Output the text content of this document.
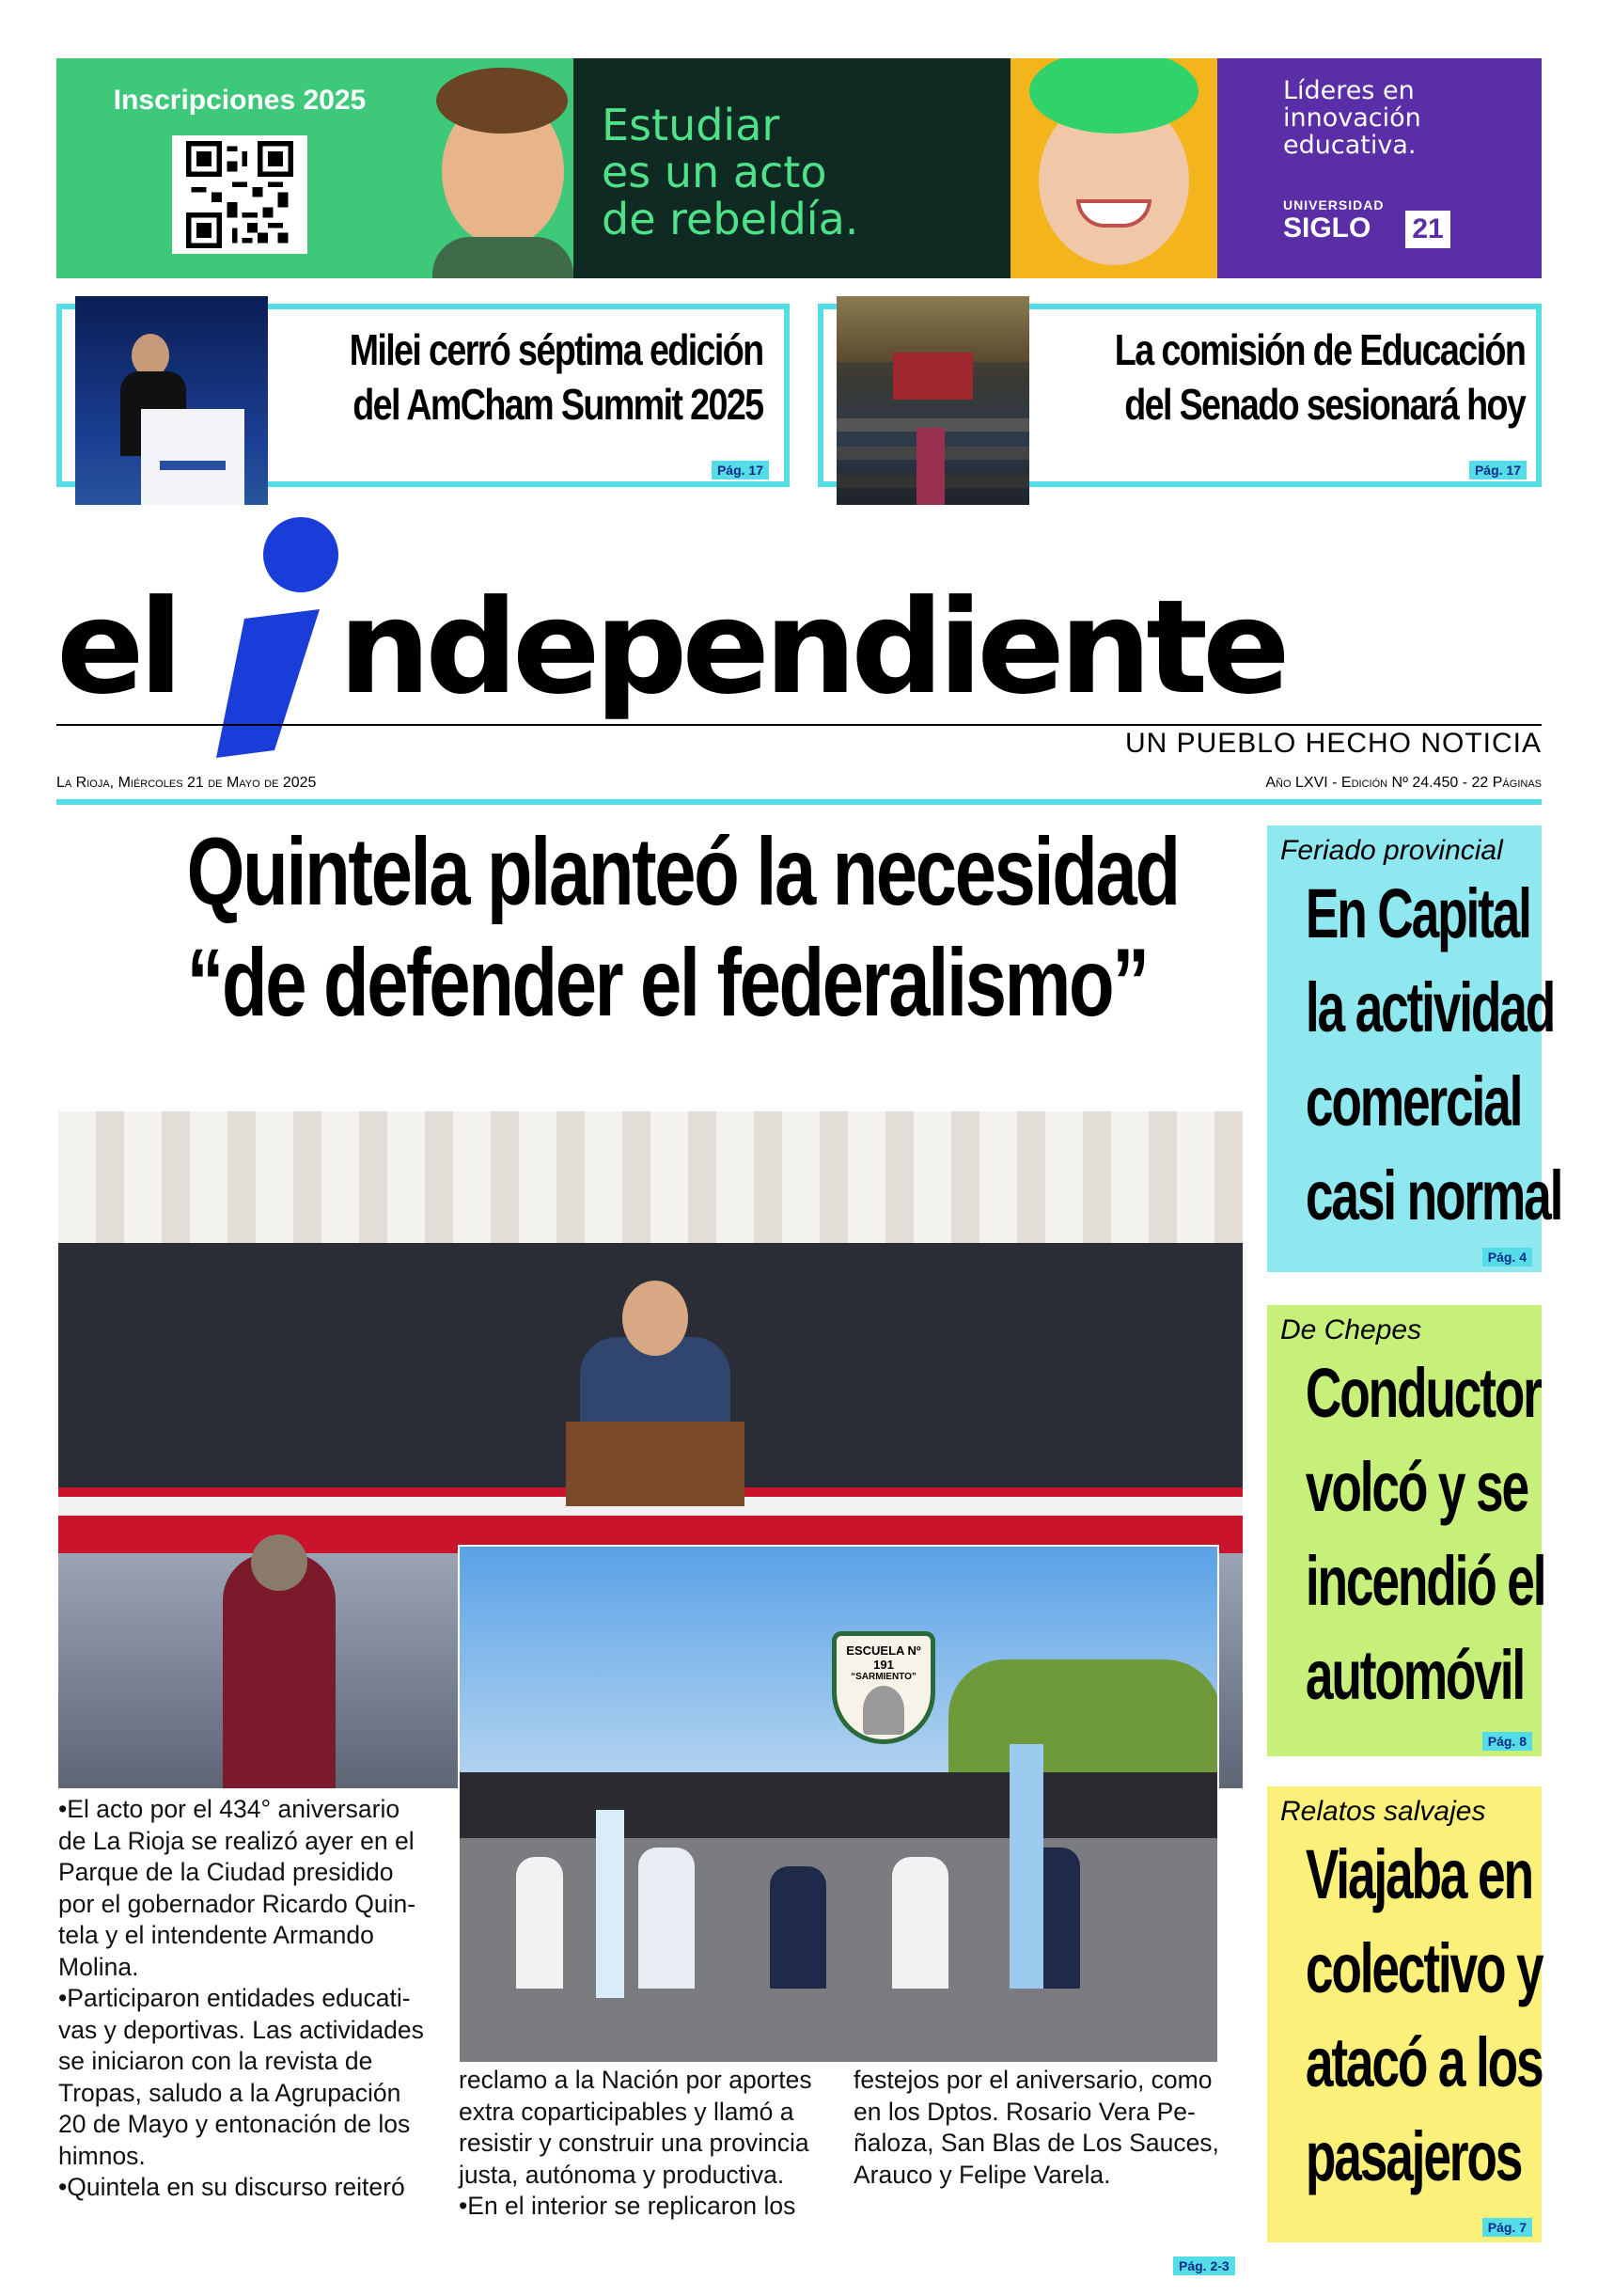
Inscripciones 2025	Estudiar
es un acto
de rebeldía.
Líderes en
innovación
educativa.
UNIVERSIDAD
SIGLO 21
Milei cerró séptima edición
del AmCham Summit 2025
Pág. 17
La comisión de Educación
del Senado sesionará hoy
Pág. 17
el ndependiente
UN PUEBLO HECHO NOTICIA
La Rioja, Miércoles 21 de Mayo de 2025	Año LXVI - Edición Nº 24.450 - 22 Páginas
Quintela planteó la necesidad
“de defender el federalismo”
ESCUELA Nº 191
“SARMIENTO”
•El acto por el 434° aniversario
de La Rioja se realizó ayer en el
Parque de la Ciudad presidido
por el gobernador Ricardo Quin-
tela y el intendente Armando
Molina.
•Participaron entidades educati-
vas y deportivas. Las actividades
se iniciaron con la revista de
Tropas, saludo a la Agrupación
20 de Mayo y entonación de los
himnos.
•Quintela en su discurso reiteró
reclamo a la Nación por aportes
extra coparticipables y llamó a
resistir y construir una provincia
justa, autónoma y productiva.
•En el interior se replicaron los
festejos por el aniversario, como
en los Dptos. Rosario Vera Pe-
ñaloza, San Blas de Los Sauces,
Arauco y Felipe Varela.
Pág. 2-3
Feriado provincial
En Capital
la actividad
comercial
casi normal
Pág. 4
De Chepes
Conductor
volcó y se
incendió el
automóvil
Pág. 8
Relatos salvajes
Viajaba en
colectivo y
atacó a los
pasajeros
Pág. 7
